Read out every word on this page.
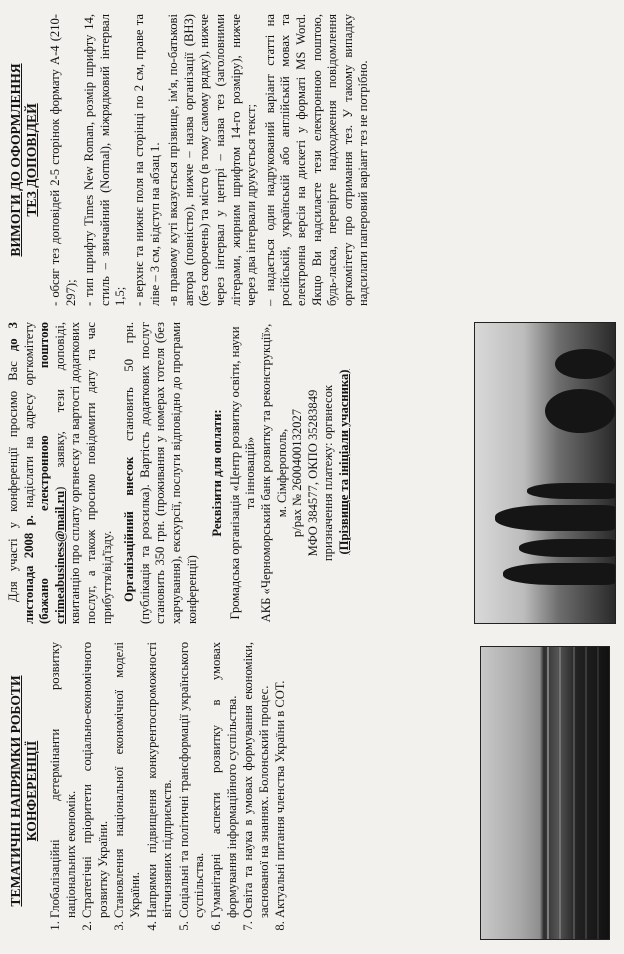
ТЕМАТИЧНІ НАПРЯМКИ РОБОТИ КОНФЕРЕНЦІЇ 1. Глобалізаційні детермінанти розвитку національних економік. 2. Стратегічні пріоритети соціально-економічного розвитку України. 3. Становлення національної економічної моделі України. 4. Напрямки підвищення конкурентоспроможності вітчизняних підприємств. 5. Соціальні та політичні трансформації українського суспільства. 6. Гуманітарні аспекти розвитку в умовах формування інформаційного суспільства. 7. Освіта та наука в умовах формування економіки, заснованої на знаннях. Болонський процес. 8. Актуальні питання членства України в СОТ.

Для участі у конференції просимо Вас до 3 листопада 2008 р. надіслати на адресу оргкомітету (бажано електронною поштою crimeabusiness@mail.ru) заявку, тези доповіді, квитанцію про сплату оргвнеску та вартості додаткових послуг, а також просимо повідомити дату та час прибуття/від'їзду. Організаційний внесок становить 50 грн. (публікація та розсилка). Вартість додаткових послуг становить 350 грн. (проживання у номерах готеля (без харчування), екскурсії, послуги відповідно до програми конференції)

Реквізити для оплати: Громадська організація «Центр розвитку освіти, науки та інновацій» АКБ «Черноморський банк розвитку та реконструкції», м. Сімферополь, р/рах № 2600400132027 МФО 384577, ОКПО 35283849 призначення платежу: оргвнесок (Прізвище та ініціали учасника)

ВИМОГИ ДО ОФОРМЛЕННЯ ТЕЗ ДОПОВІДЕЙ - обсяг тез доповідей 2-5 сторінок формату А-4 (210-297); - тип шрифту Times New Roman, розмір шрифту 14, стиль – звичайний (Normal), міжрядковий інтервал 1,5; - верхнє та нижнє поля на сторінці по 2 см, праве та ліве – 3 см, відступ на абзац 1. -в правому куті вказується прізвище, ім'я, по-батькові автора (повністю), нижче – назва організації (ВНЗ) (без скорочень) та місто (в тому самому рядку), нижче через інтервал у центрі – назва тез (заголовними літерами, жирним шрифтом 14-го розміру), нижче через два інтервали друкується текст; – надається один надрукований варіант статті на російській, українській або англійській мовах та електронна версія на дискеті у форматі MS Word. Якщо Ви надсилаєте тези електронною поштою, будь-ласка, перевірте надходження повідомлення оргкомітету про отримання тез. У такому випадку надсилати паперовий варіант тез не потрібно.
